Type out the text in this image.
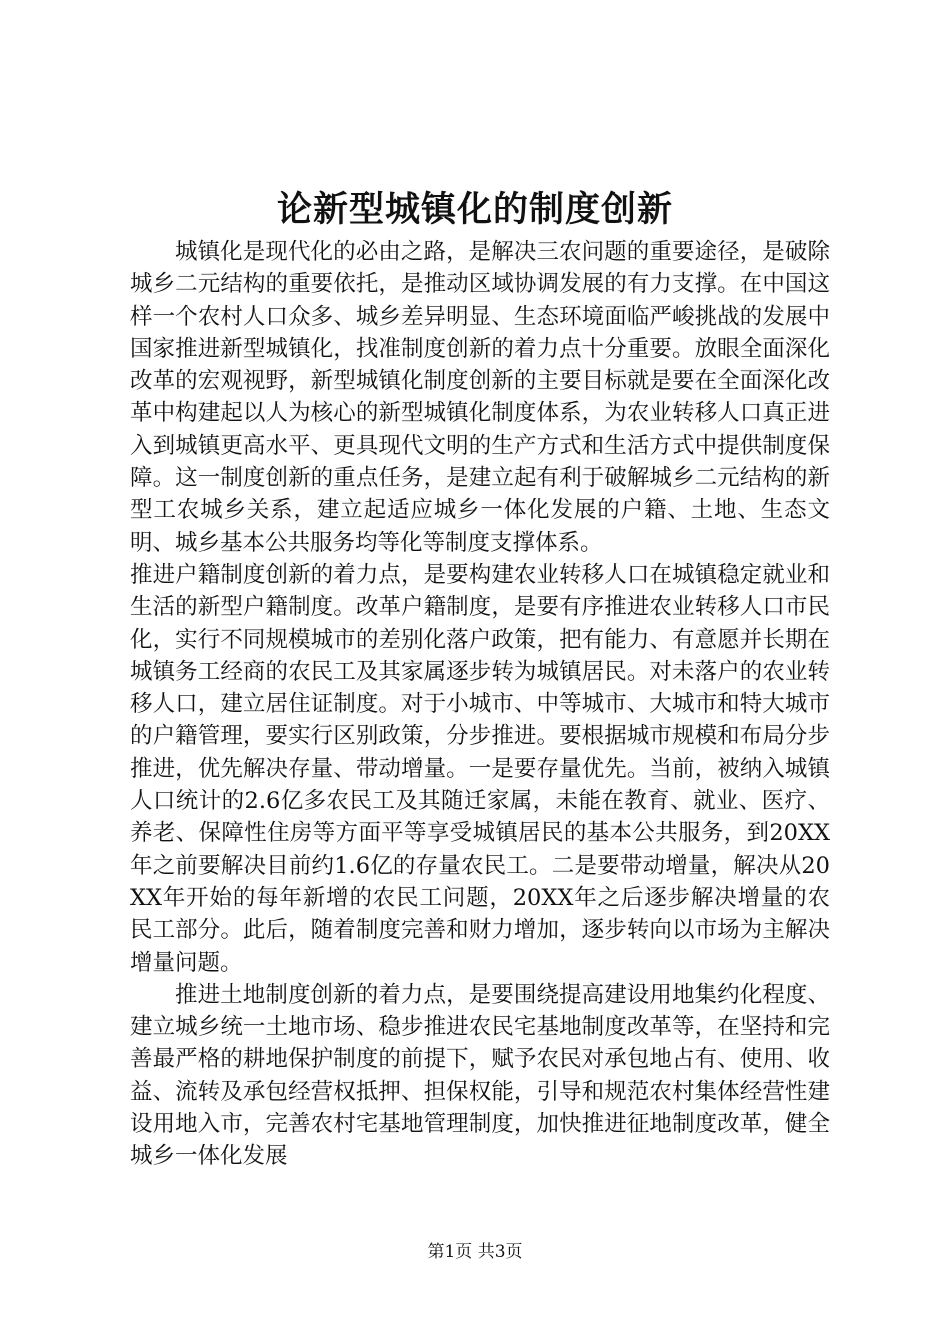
论新型城镇化的制度创新

城镇化是现代化的必由之路，是解决三农问题的重要途径，是破除城乡二元结构的重要依托，是推动区域协调发展的有力支撑。在中国这样一个农村人口众多、城乡差异明显、生态环境面临严峻挑战的发展中国家推进新型城镇化，找准制度创新的着力点十分重要。放眼全面深化改革的宏观视野，新型城镇化制度创新的主要目标就是要在全面深化改革中构建起以人为核心的新型城镇化制度体系，为农业转移人口真正进入到城镇更高水平、更具现代文明的生产方式和生活方式中提供制度保障。这一制度创新的重点任务，是建立起有利于破解城乡二元结构的新型工农城乡关系，建立起适应城乡一体化发展的户籍、土地、生态文明、城乡基本公共服务均等化等制度支撑体系。

推进户籍制度创新的着力点，是要构建农业转移人口在城镇稳定就业和生活的新型户籍制度。改革户籍制度，是要有序推进农业转移人口市民化，实行不同规模城市的差别化落户政策，把有能力、有意愿并长期在城镇务工经商的农民工及其家属逐步转为城镇居民。对未落户的农业转移人口，建立居住证制度。对于小城市、中等城市、大城市和特大城市的户籍管理，要实行区别政策，分步推进。要根据城市规模和布局分步推进，优先解决存量、带动增量。一是要存量优先。当前，被纳入城镇人口统计的2.6亿多农民工及其随迁家属，未能在教育、就业、医疗、养老、保障性住房等方面平等享受城镇居民的基本公共服务，到20XX年之前要解决目前约1.6亿的存量农民工。二是要带动增量，解决从20XX年开始的每年新增的农民工问题，20XX年之后逐步解决增量的农民工部分。此后，随着制度完善和财力增加，逐步转向以市场为主解决增量问题。

推进土地制度创新的着力点，是要围绕提高建设用地集约化程度、建立城乡统一土地市场、稳步推进农民宅基地制度改革等，在坚持和完善最严格的耕地保护制度的前提下，赋予农民对承包地占有、使用、收益、流转及承包经营权抵押、担保权能，引导和规范农村集体经营性建设用地入市，完善农村宅基地管理制度，加快推进征地制度改革，健全城乡一体化发展

第1页 共3页
